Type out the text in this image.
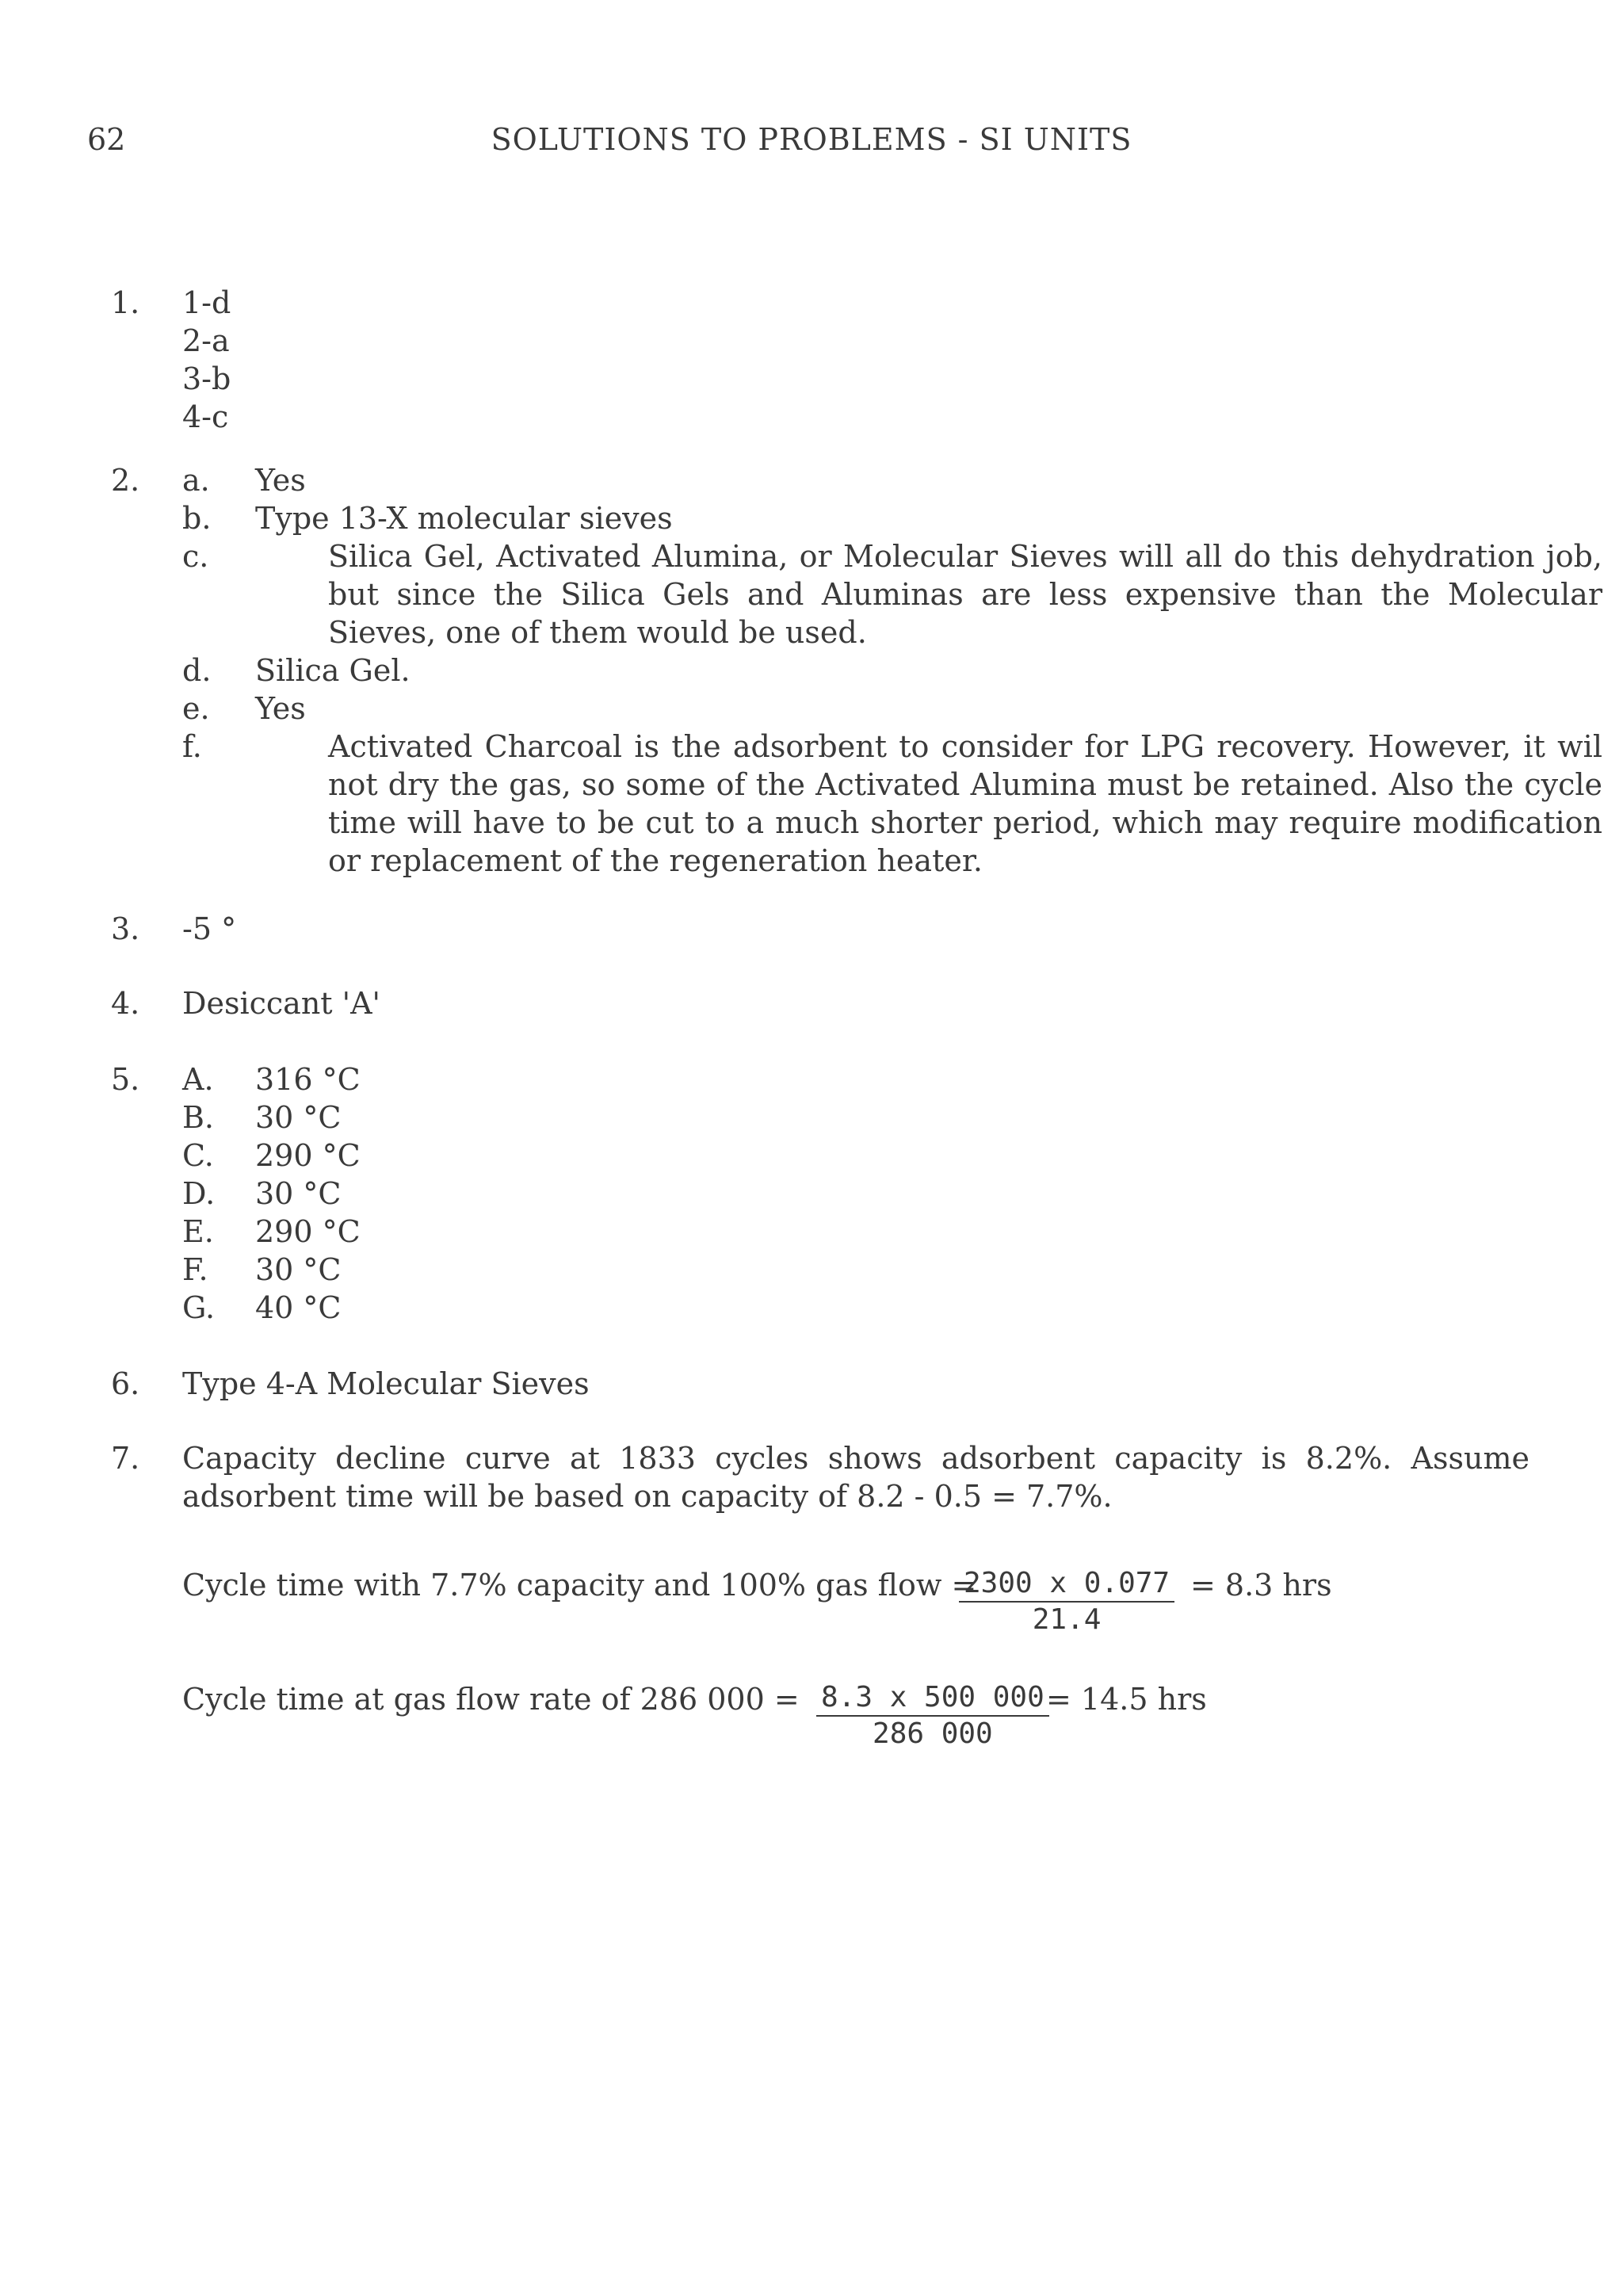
62	SOLUTIONS TO PROBLEMS - SI UNITS
1.	1-d
2-a
3-b
4-c
2.	a.	Yes
b.	Type 13-X molecular sieves
c.	Silica Gel, Activated Alumina, or Molecular Sieves will all do this dehydration job, but since the Silica Gels and Aluminas are less expensive than the Molecular Sieves, one of them would be used.
d.	Silica Gel.
e.	Yes
f.	Activated Charcoal is the adsorbent to consider for LPG recovery. However, it wil not dry the gas, so some of the Activated Alumina must be retained. Also the cycle time will have to be cut to a much shorter period, which may require modification or replacement of the regeneration heater.
3.	-5 °
4.	Desiccant 'A'
5.	A.	316 °C
B.	30 °C
C.	290 °C
D.	30 °C
E.	290 °C
F.	30 °C
G.	40 °C
6.	Type 4-A Molecular Sieves
7.	Capacity decline curve at 1833 cycles shows adsorbent capacity is 8.2%. Assume adsorbent time will be based on capacity of 8.2 - 0.5 = 7.7%.
Cycle time with 7.7% capacity and 100% gas flow =
$\frac{2300 x 0.077}{21.4} = 8.3$ hrs
Cycle time at gas flow rate of 286 $000 = \frac{8.3 x 500 000}{286 000}$
= 14.5 hrs
